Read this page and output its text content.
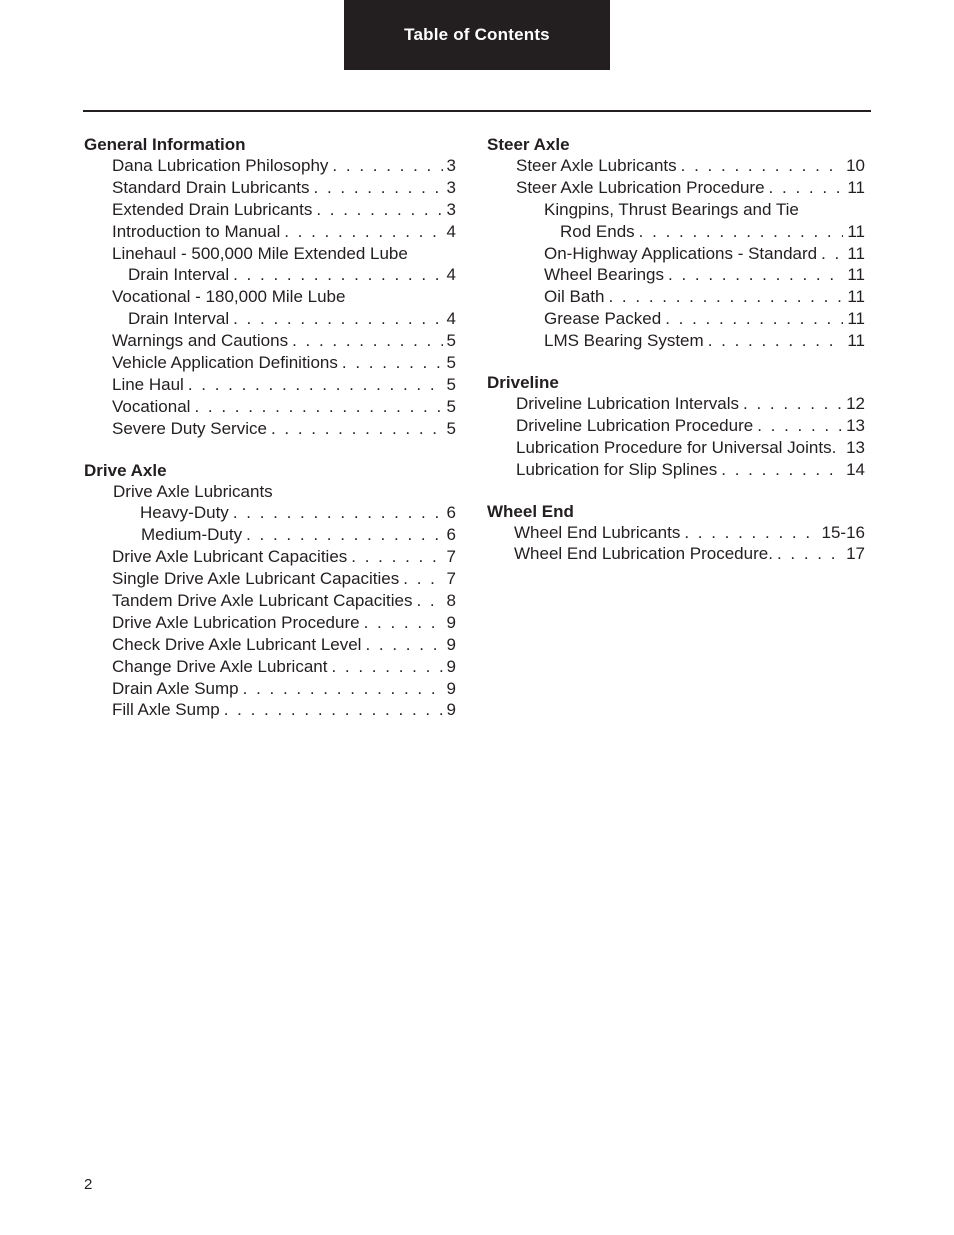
Table of Contents
General Information
Dana Lubrication Philosophy . . .	3
Standard Drain Lubricants . . .	3
Extended Drain Lubricants . . .	3
Introduction to Manual . . .	4
Linehaul - 500,000 Mile Extended Lube
Drain Interval . . .	4
Vocational - 180,000 Mile Lube
Drain Interval . . .	4
Warnings and Cautions . . .	5
Vehicle Application Definitions . . .	5
Line Haul . . .	5
Vocational . . .	5
Severe Duty Service . . .	5
Drive Axle
Drive Axle Lubricants
Heavy-Duty . . .	6
Medium-Duty . . .	6
Drive Axle Lubricant Capacities . . .	7
Single Drive Axle Lubricant Capacities . . .	7
Tandem Drive Axle Lubricant Capacities . . . 8
Drive Axle Lubrication Procedure . . .	9
Check Drive Axle Lubricant Level . . .	9
Change Drive Axle Lubricant . . .	9
Drain Axle Sump . . .	9
Fill Axle Sump . . .	9
Steer Axle
Steer Axle Lubricants . . .	10
Steer Axle Lubrication Procedure . . .	11
Kingpins, Thrust Bearings and Tie
Rod Ends . . .	11
On-Highway Applications - Standard . . . 11
Wheel Bearings . . .	11
Oil Bath . . .	11
Grease Packed . . .	11
LMS Bearing System . . .	11
Driveline
Driveline Lubrication Intervals . . .	12
Driveline Lubrication Procedure . . .	13
Lubrication Procedure for Universal Joints. . . . 13
Lubrication for Slip Splines . . .	14
Wheel End
Wheel End Lubricants . . .	15-16
Wheel End Lubrication Procedure. . . .	17
2
